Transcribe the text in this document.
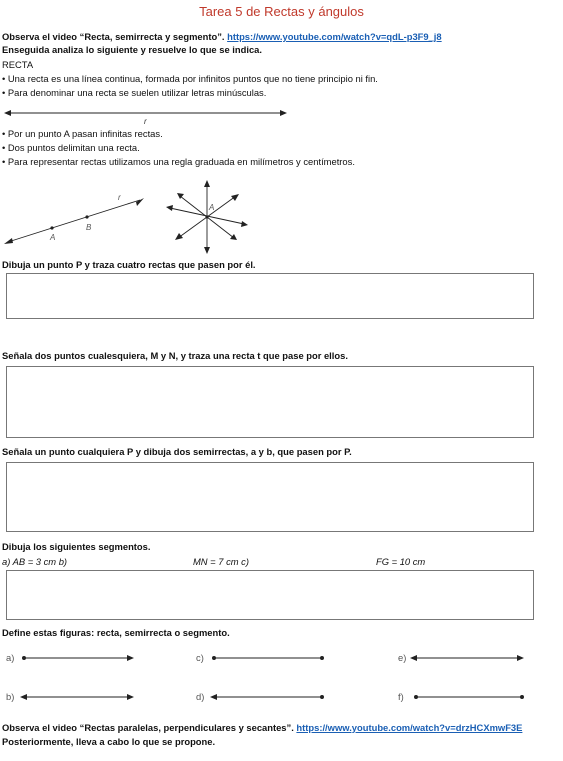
Tarea 5 de Rectas y ángulos
Observa el video “Recta, semirrecta y segmento”. https://www.youtube.com/watch?v=qdL-p3F9_j8
Enseguida analiza lo siguiente y resuelve lo que se indica.
RECTA
• Una recta es una línea continua, formada por infinitos puntos que no tiene principio ni fin.
• Para denominar una recta se suelen utilizar letras minúsculas.
r
• Por un punto A pasan infinitas rectas.
• Dos puntos delimitan una recta.
• Para representar rectas utilizamos una regla graduada en milímetros y centímetros.
r
B
A
A
Dibuja un punto P y traza cuatro rectas que pasen por él.
Señala dos puntos cualesquiera, M y N, y traza una recta t que pase por ellos.
Señala un punto cualquiera P y dibuja dos semirrectas, a y b, que pasen por P.
Dibuja los siguientes segmentos.
a) AB = 3 cm b)	MN = 7 cm c)	FG = 10 cm
Define estas figuras: recta, semirrecta o segmento.
a)	c)	e)
b)	d)	f)
Observa el video “Rectas paralelas, perpendiculares y secantes”. https://www.youtube.com/watch?v=drzHCXmwF3E
Posteriormente, lleva a cabo lo que se propone.
